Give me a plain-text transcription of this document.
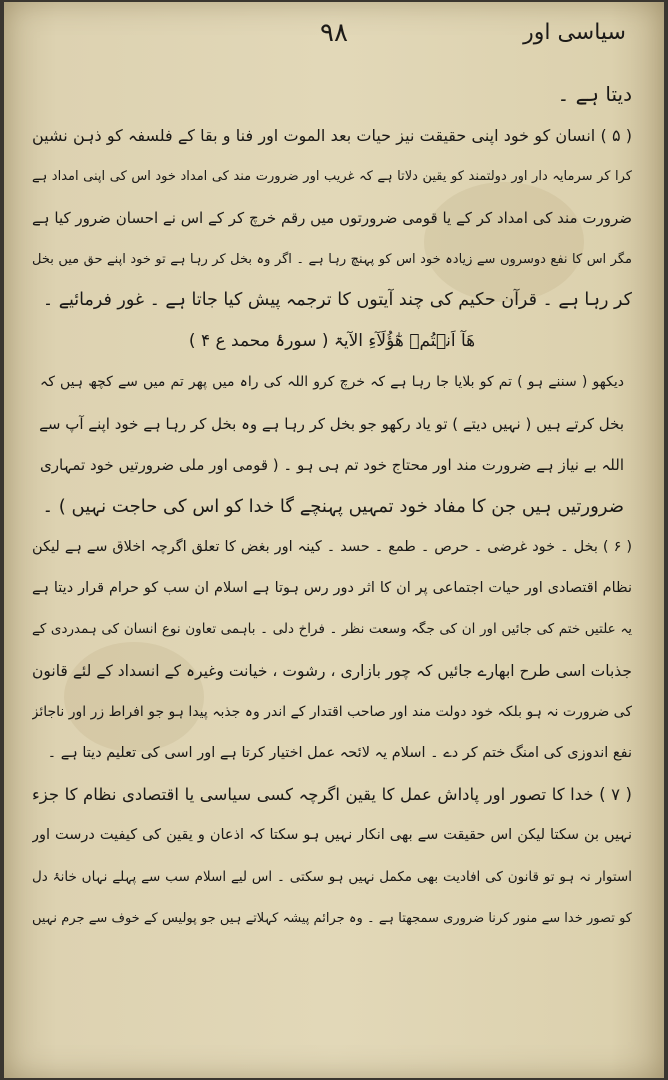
۹۸	سیاسی اور
دیتا ہے ۔
( ۵ ) انسان کو خود اپنی حقیقت نیز حیات بعد الموت اور فنا و بقا کے فلسفہ کو ذہن نشین
کرا کر سرمایہ دار اور دولتمند کو یقین دلاتا ہے کہ غریب اور ضرورت مند کی امداد خود اس کی اپنی امداد ہے
ضرورت مند کی امداد کر کے یا قومی ضرورتوں میں رقم خرچ کر کے اس نے احسان ضرور کیا ہے
مگر اس کا نفع دوسروں سے زیادہ خود اس کو پہنچ رہا ہے ۔ اگر وہ بخل کر رہا ہے تو خود اپنے حق میں بخل
کر رہا ہے ۔ قرآن حکیم کی چند آیتوں کا ترجمہ پیش کیا جاتا ہے ۔ غور فرمائیے ۔
هَآ اَنۡتُمۡ هٰٓؤُلَآءِ الآیۃ ( سورۂ محمد ع ۴ )
دیکھو ( سننے ہو ) تم کو بلایا جا رہا ہے کہ خرچ کرو اللہ کی راہ میں پھر تم میں سے کچھ ہیں کہ
بخل کرتے ہیں ( نہیں دیتے ) تو یاد رکھو جو بخل کر رہا ہے وہ بخل کر رہا ہے خود اپنے آپ سے
اللہ بے نیاز ہے ضرورت مند اور محتاج خود تم ہی ہو ۔ ( قومی اور ملی ضرورتیں خود تمہاری
ضرورتیں ہیں جن کا مفاد خود تمہیں پہنچے گا خدا کو اس کی حاجت نہیں ) ۔
( ۶ ) بخل ۔ خود غرضی ۔ حرص ۔ طمع ۔ حسد ۔ کینہ اور بغض کا تعلق اگرچہ اخلاق سے ہے لیکن
نظام اقتصادی اور حیات اجتماعی پر ان کا اثر دور رس ہوتا ہے اسلام ان سب کو حرام قرار دیتا ہے
یہ علتیں ختم کی جائیں اور ان کی جگہ وسعت نظر ۔ فراخ دلی ۔ باہمی تعاون نوع انسان کی ہمدردی کے
جذبات اسی طرح ابھارے جائیں کہ چور بازاری ، رشوت ، خیانت وغیرہ کے انسداد کے لئے قانون
کی ضرورت نہ ہو بلکہ خود دولت مند اور صاحب اقتدار کے اندر وہ جذبہ پیدا ہو جو افراط زر اور ناجائز
نفع اندوزی کی امنگ ختم کر دے ۔ اسلام یہ لائحہ عمل اختیار کرتا ہے اور اسی کی تعلیم دیتا ہے ۔
( ۷ ) خدا کا تصور اور پاداش عمل کا یقین اگرچہ کسی سیاسی یا اقتصادی نظام کا جزء
نہیں بن سکتا لیکن اس حقیقت سے بھی انکار نہیں ہو سکتا کہ اذعان و یقین کی کیفیت درست اور
استوار نہ ہو تو قانون کی افادیت بھی مکمل نہیں ہو سکتی ۔ اس لیے اسلام سب سے پہلے نہاں خانۂ دل
کو تصور خدا سے منور کرنا ضروری سمجھتا ہے ۔ وہ جرائم پیشہ کہلاتے ہیں جو پولیس کے خوف سے جرم نہیں
